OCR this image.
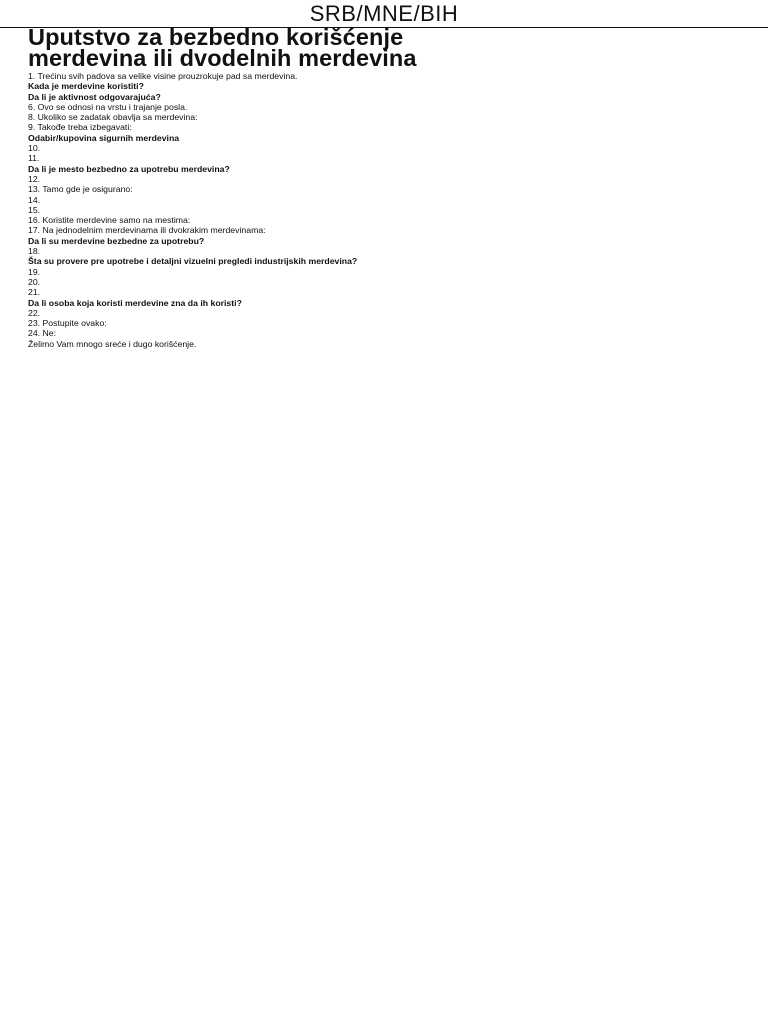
SRB/MNE/BIH
Uputstvo za bezbedno korišćenje
merdevina ili dvodelnih merdevina

1. Trećinu svih padova sa velike visine prouzrokuje pad sa merdevina.

Kada je merdevine koristiti?

Da li je aktivnost odgovarajuća?

6. Ovo se odnosi na vrstu i trajanje posla.

8. Ukoliko se zadatak obavlja sa merdevina:

9. Takođe treba izbegavati:

Odabir/kupovina sigurnih merdevina

10.

11.

Da li je mesto bezbedno za upotrebu merdevina?

12.

13. Tamo gde je osigurano:

14.

15.

16. Koristite merdevine samo na mestima:

17. Na jednodelnim merdevinama ili dvokrakim merdevinama:

Da li su merdevine bezbedne za upotrebu?

18.

Šta su provere pre upotrebe i detaljni vizuelni pregledi industrijskih merdevina?

19.

20.

21.

Da li osoba koja koristi merdevine zna da ih koristi?

22.

23. Postupite ovako:

24. Ne:

Želimo Vam mnogo sreće i dugo korišćenje.
